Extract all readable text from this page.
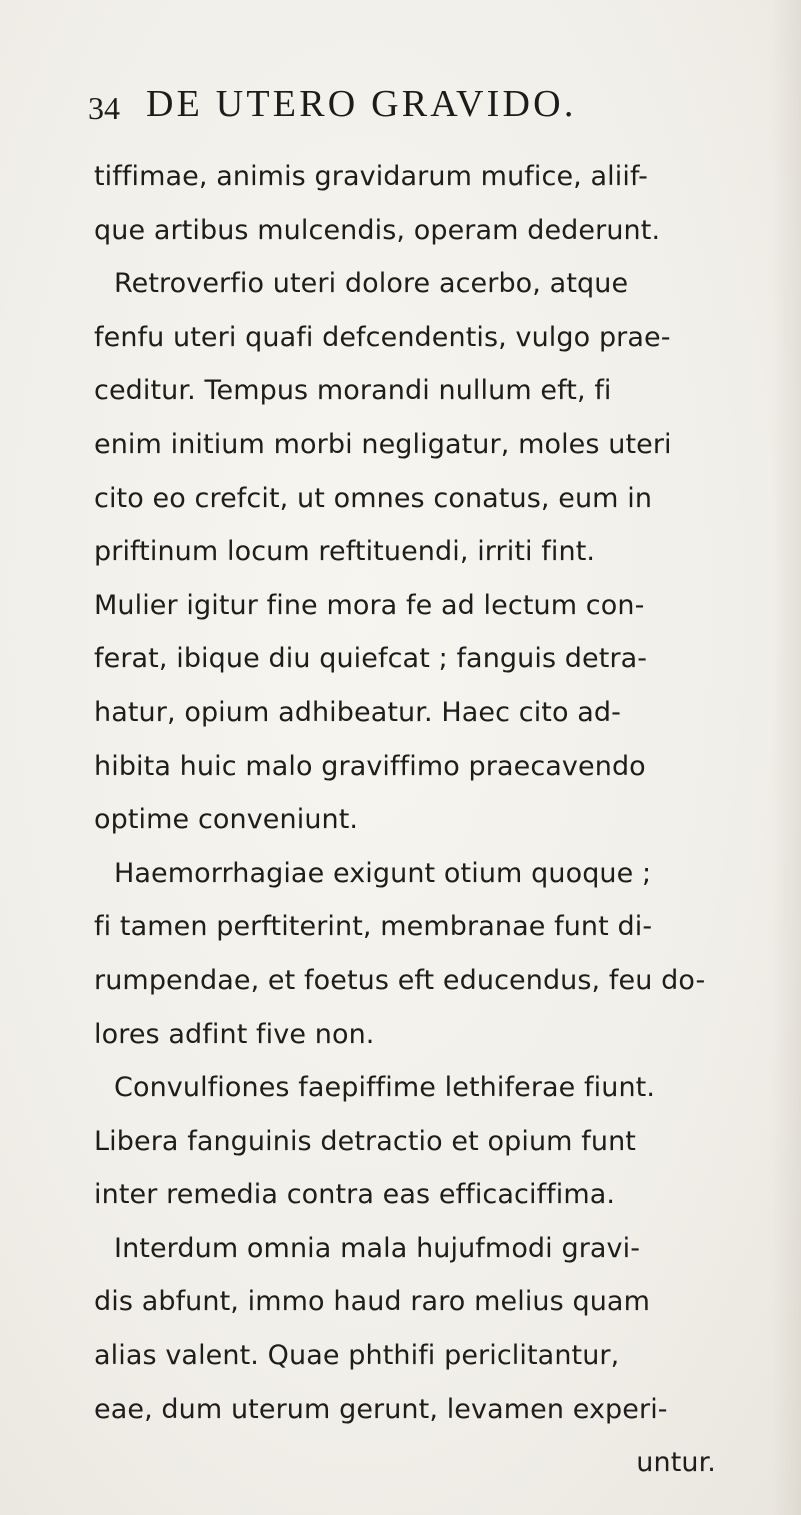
34 DE UTERO GRAVIDO.
tiffimae, animis gravidarum mufice, aliif-
que artibus mulcendis, operam dederunt.
Retroverfio uteri dolore acerbo, atque
fenfu uteri quafi defcendentis, vulgo prae-
ceditur. Tempus morandi nullum eft, fi
enim initium morbi negligatur, moles uteri
cito eo crefcit, ut omnes conatus, eum in
priftinum locum reftituendi, irriti fint.
Mulier igitur fine mora fe ad lectum con-
ferat, ibique diu quiefcat ; fanguis detra-
hatur, opium adhibeatur. Haec cito ad-
hibita huic malo graviffimo praecavendo
optime conveniunt.
Haemorrhagiae exigunt otium quoque ;
fi tamen perftiterint, membranae funt di-
rumpendae, et foetus eft educendus, feu do-
lores adfint five non.
Convulfiones faepiffime lethiferae fiunt.
Libera fanguinis detractio et opium funt
inter remedia contra eas efficaciffima.
Interdum omnia mala hujufmodi gravi-
dis abfunt, immo haud raro melius quam
alias valent. Quae phthifi periclitantur,
eae, dum uterum gerunt, levamen experi-
untur.
